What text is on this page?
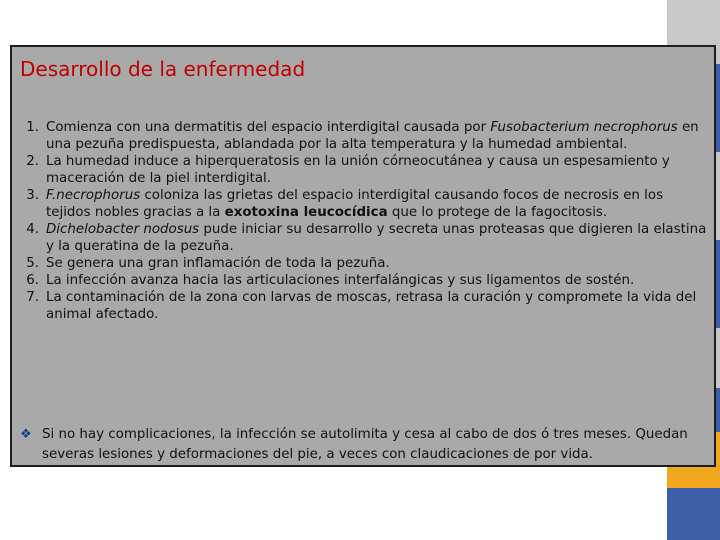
Desarrollo de la enfermedad
1. Comienza con una dermatitis del espacio interdigital causada por Fusobacterium necrophorus en una pezuña predispuesta, ablandada por la alta temperatura y la humedad ambiental.
2. La humedad induce a hiperqueratosis en la unión córneocutánea y causa un espesamiento y maceración de la piel interdigital.
3. F.necrophorus coloniza las grietas del espacio interdigital causando focos de necrosis en los tejidos nobles gracias a la exotoxina leucocídica que lo protege de la fagocitosis.
4. Dichelobacter nodosus pude iniciar su desarrollo y secreta unas proteasas que digieren la elastina y la queratina de la pezuña.
5. Se genera una gran inflamación de toda la pezuña.
6. La infección avanza hacia las articulaciones interfalángicas y sus ligamentos de sostén.
7. La contaminación de la zona con larvas de moscas, retrasa la curación y compromete la vida del animal afectado.
❖ Si no hay complicaciones, la infección se autolimita y cesa al cabo de dos ó tres meses. Quedan severas lesiones y deformaciones del pie, a veces con claudicaciones de por vida.
